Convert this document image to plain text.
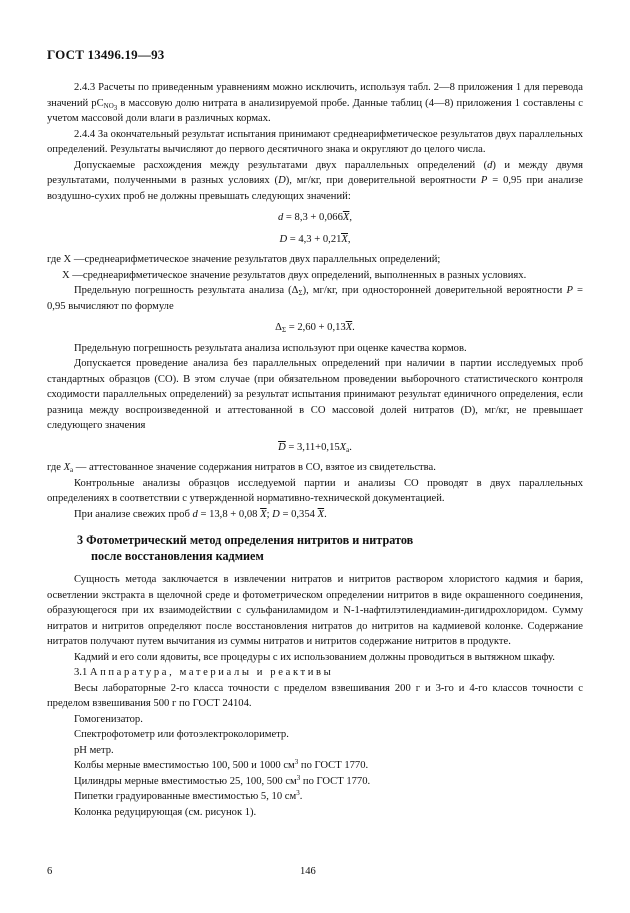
ГОСТ 13496.19—93

2.4.3 Расчеты по приведенным уравнениям можно исключить, используя табл. 2—8 приложения 1 для перевода значений $pC_{NO_3}$ в массовую долю нитрата в анализируемой пробе. Данные таблиц (4—8) приложения 1 составлены с учетом массовой доли влаги в различных кормах.

2.4.4 За окончательный результат испытания принимают среднеарифметическое результатов двух параллельных определений. Результаты вычисляют до первого десятичного знака и округляют до целого числа.

Допускаемые расхождения между результатами двух параллельных определений (d) и между двумя результатами, полученными в разных условиях (D), мг/кг, при доверительной вероятности P = 0,95 при анализе воздушно-сухих проб не должны превышать следующих значений:

$d = 8,3 + 0,066\overline{X}$,
$D = 4,3 + 0,21\overline{X}$,
где X — среднеарифметическое значение результатов двух параллельных определений;
X — среднеарифметическое значение результатов двух определений, выполненных в разных условиях.

Предельную погрешность результата анализа $(\Delta_\Sigma)$, мг/кг, при односторонней доверительной вероятности P = 0,95 вычисляют по формуле

$\Delta_\Sigma = 2,60 + 0,13\overline{X}$.

Предельную погрешность результата анализа используют при оценке качества кормов.

Допускается проведение анализа без параллельных определений при наличии в партии исследуемых проб стандартных образцов (СО). В этом случае (при обязательном проведении выборочного статистического контроля сходимости параллельных определений) за результат испытания принимают результат единичного определения, если разница между воспроизведенной и аттестованной в СО массовой долей нитратов (D), мг/кг, не превышает следующего значения

$\overline{D} = 3,11+0,15X_a$.

где $X_a$ — аттестованное значение содержания нитратов в СО, взятое из свидетельства.

Контрольные анализы образцов исследуемой партии и анализы СО проводят в двух параллельных определениях в соответствии с утвержденной нормативно-технической документацией.

При анализе свежих проб d = 13,8 + 0,08 $\overline{X}$; D = 0,354 $\overline{X}$.

3 Фотометрический метод определения нитритов и нитратов
после восстановления кадмием

Сущность метода заключается в извлечении нитратов и нитритов раствором хлористого кадмия и бария, осветлении экстракта в щелочной среде и фотометрическом определении нитритов в виде окрашенного соединения, образующегося при их взаимодействии с сульфаниламидом и N-1-нафтилэтилендиамин-дигидрохлоридом. Сумму нитратов и нитритов определяют после восстановления нитратов до нитритов на кадмиевой колонке. Содержание нитратов получают путем вычитания из суммы нитратов и нитритов содержание нитритов в продукте.

Кадмий и его соли ядовиты, все процедуры с их использованием должны проводиться в вытяжном шкафу.

3.1 Аппаратура, материалы и реактивы

Весы лабораторные 2-го класса точности с пределом взвешивания 200 г и 3-го и 4-го классов точности с пределом взвешивания 500 г по ГОСТ 24104.

Гомогенизатор.

Спектрофотометр или фотоэлектроколориметр.

pH метр.

Колбы мерные вместимостью 100, 500 и 1000 $см^3$ по ГОСТ 1770.

Цилиндры мерные вместимостью 25, 100, 500 $см^3$ по ГОСТ 1770.

Пипетки градуированные вместимостью 5, 10 $см^3$.

Колонка редуцирующая (см. рисунок 1).

6	146
